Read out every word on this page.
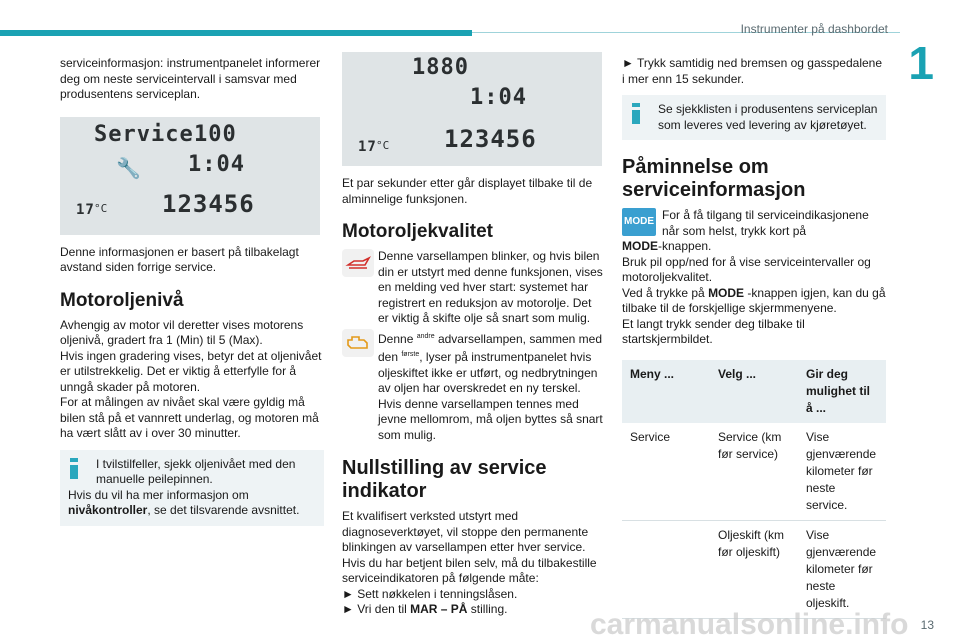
Instrumenter på dashbordet
1
13

serviceinformasjon: instrumentpanelet informerer deg om neste serviceintervall i samsvar med produsentens serviceplan.

Service 100
🔧 1:04
17 °C 123456

Denne informasjonen er basert på tilbakelagt avstand siden forrige service.

Motoroljenivå

Avhengig av motor vil deretter vises motorens oljenivå, gradert fra 1 (Min) til 5 (Max).

Hvis ingen gradering vises, betyr det at oljenivået er utilstrekkelig. Det er viktig å etterfylle for å unngå skader på motoren.

For at målingen av nivået skal være gyldig må bilen stå på et vannrett underlag, og motoren må ha vært slått av i over 30 minutter.

I tvilstilfeller, sjekk oljenivået med den manuelle peilepinnen.

Hvis du vil ha mer informasjon om nivåkontroller, se det tilsvarende avsnittet.

1880
1:04
17 °C 123456

Et par sekunder etter går displayet tilbake til de alminnelige funksjonen.

Motoroljekvalitet

Denne varsellampen blinker, og hvis bilen din er utstyrt med denne funksjonen, vises en melding ved hver start: systemet har registrert en reduksjon av motorolje. Det er viktig å skifte olje så snart som mulig.

Denne $^{andre}$ advarsellampen, sammen med den $^{første}$, lyser på instrumentpanelet hvis oljeskiftet ikke er utført, og nedbrytningen av oljen har overskredet en ny terskel. Hvis denne varsellampen tennes med jevne mellomrom, må oljen byttes så snart som mulig.

Nullstilling av service indikator

Et kvalifisert verksted utstyrt med diagnoseverktøyet, vil stoppe den permanente blinkingen av varsellampen etter hver service.

Hvis du har betjent bilen selv, må du tilbakestille serviceindikatoren på følgende måte:

► Sett nøkkelen i tenningslåsen.

► Vri den til MAR – PÅ stilling.

► Trykk samtidig ned bremsen og gasspedalene i mer enn 15 sekunder.

Se sjekklisten i produsentens serviceplan som leveres ved levering av kjøretøyet.

Påminnelse om serviceinformasjon
MODE For å få tilgang til serviceindikasjonene når som helst, trykk kort på

MODE-knappen.

Bruk pil opp/ned for å vise serviceintervaller og motoroljekvalitet.

Ved å trykke på MODE -knappen igjen, kan du gå tilbake til de forskjellige skjermmenyene.

Et langt trykk sender deg tilbake til startskjermbildet.

Meny ...	Velg ...	Gir deg mulighet til å ...
Service	Service (km før service)	Vise gjenværende kilometer før neste service.
	Oljeskift (km før oljeskift)	Vise gjenværende kilometer før neste oljeskift.
carmanualsonline.info
